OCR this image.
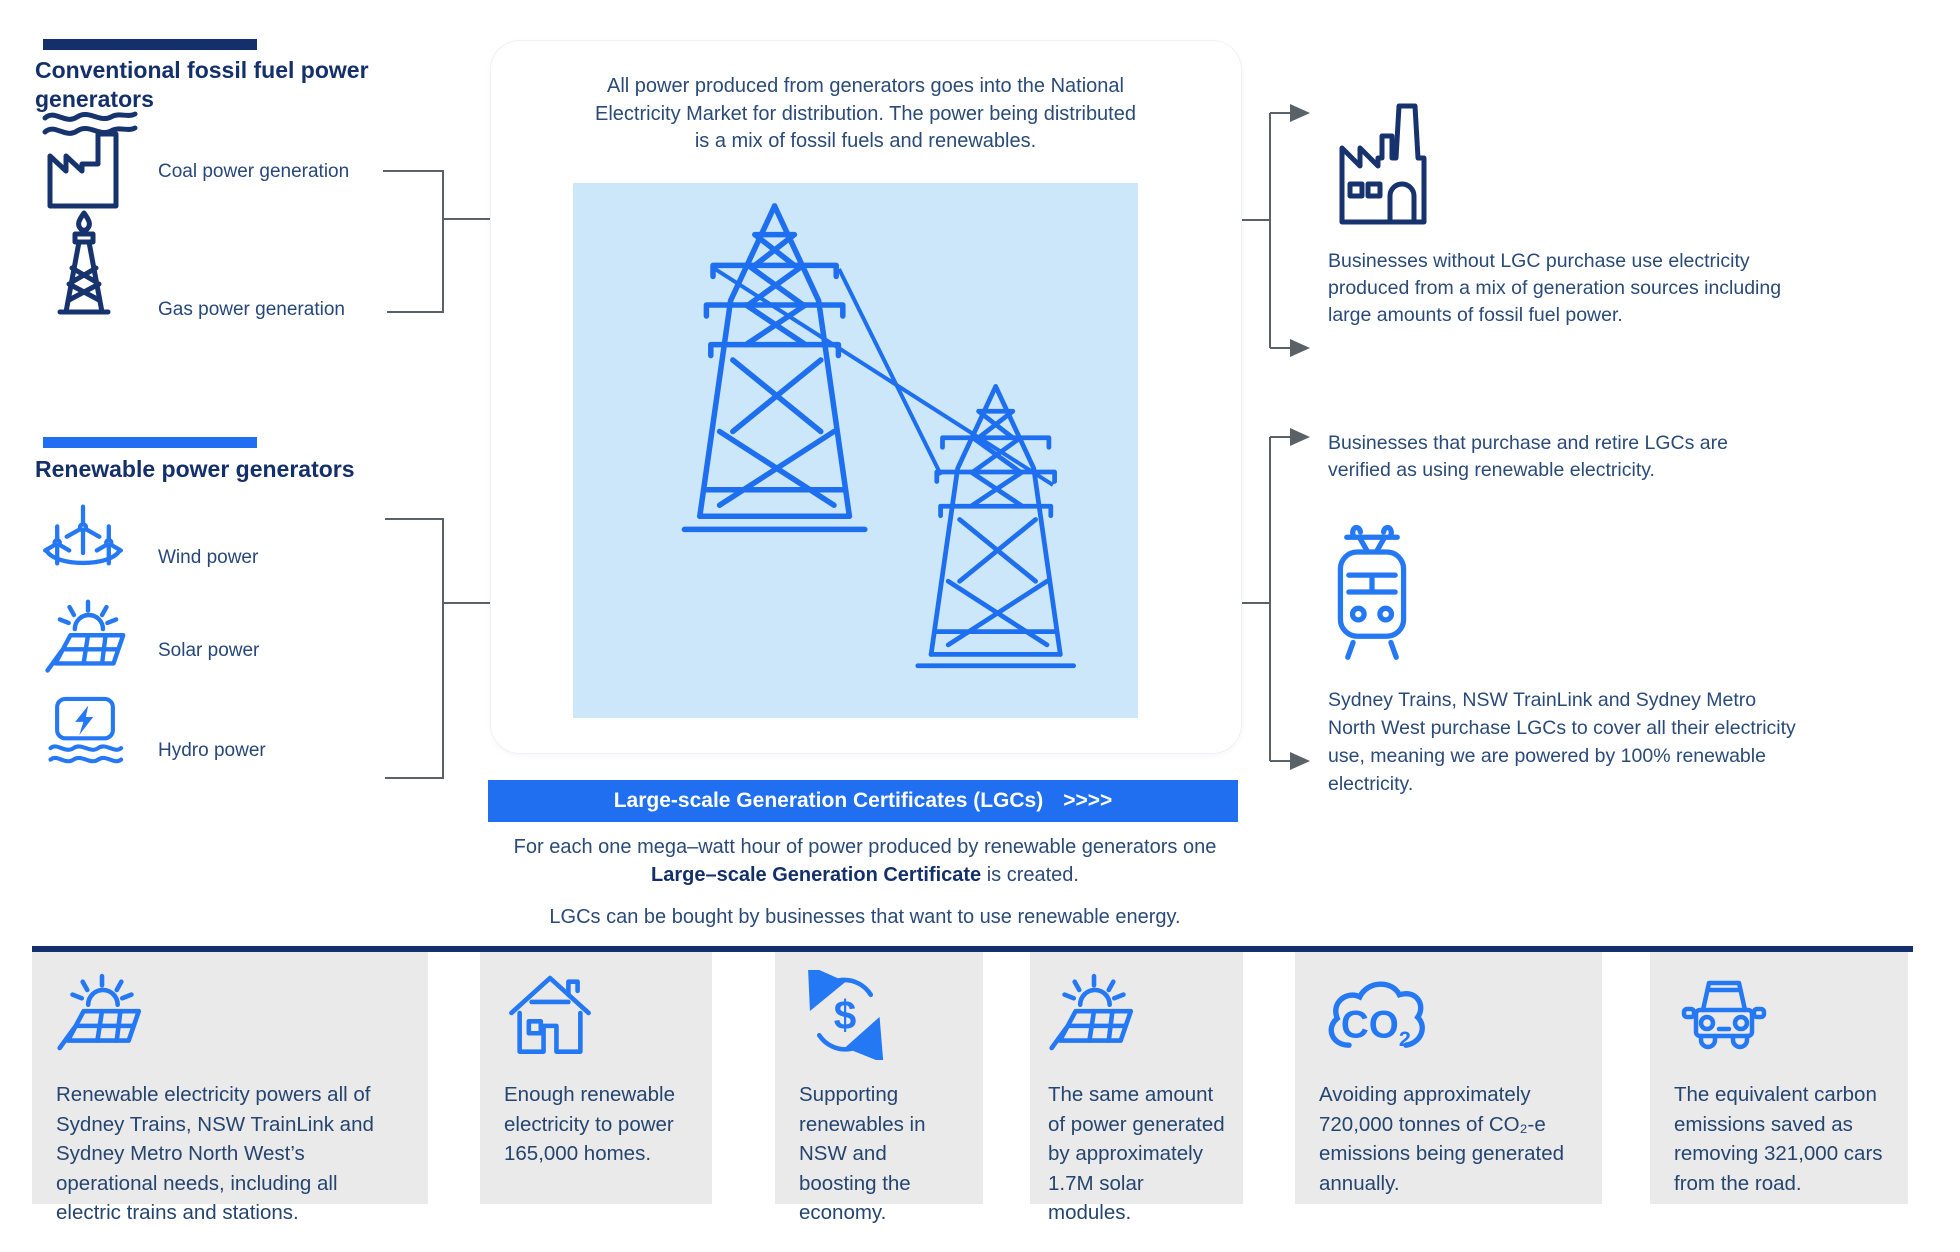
Conventional fossil fuel power generators
Coal power generation
Gas power generation
Renewable power generators
Wind power
Solar power
Hydro power
All power produced from generators goes into the National Electricity Market for distribution. The power being distributed is a mix of fossil fuels and renewables.
Large-scale Generation Certificates (LGCs) >>>>
For each one mega–watt hour of power produced by renewable generators one
Large–scale Generation Certificate is created.
LGCs can be bought by businesses that want to use renewable energy.
Businesses without LGC purchase use electricity produced from a mix of generation sources including large amounts of fossil fuel power.
Businesses that purchase and retire LGCs are verified as using renewable electricity.
Sydney Trains, NSW TrainLink and Sydney Metro North West purchase LGCs to cover all their electricity use, meaning we are powered by 100% renewable electricity.
Renewable electricity powers all of Sydney Trains, NSW TrainLink and Sydney Metro North West’s operational needs, including all electric trains and stations.
Enough renewable electricity to power 165,000 homes.
$
Supporting renewables in NSW and boosting the economy.
The same amount of power generated by approximately 1.7M solar modules.
$CO_2$
Avoiding approximately 720,000 tonnes of CO₂-e emissions being generated annually.
The equivalent carbon emissions saved as removing 321,000 cars from the road.
